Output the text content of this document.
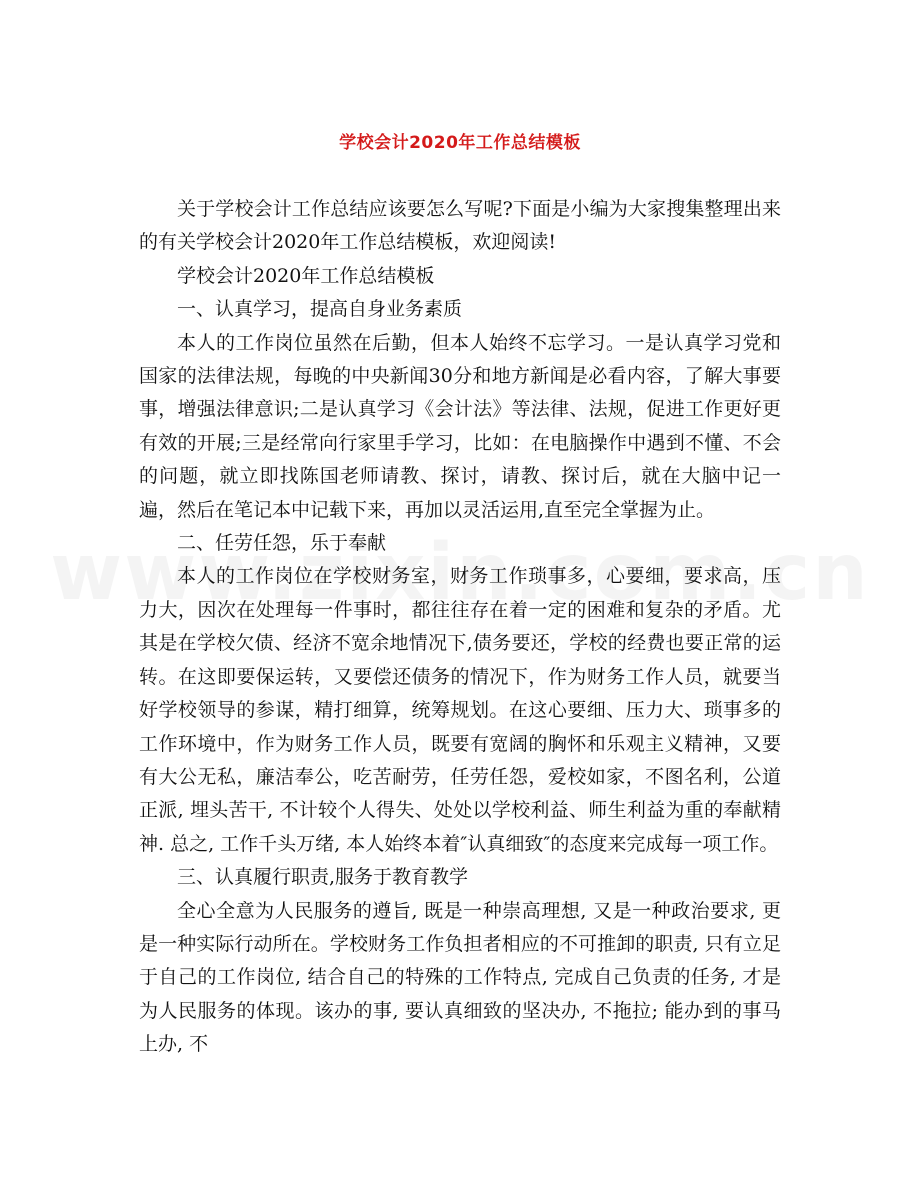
学校会计2020年工作总结模板

关于学校会计工作总结应该要怎么写呢?下面是小编为大家搜集整理出来的有关学校会计2020年工作总结模板，欢迎阅读!

学校会计2020年工作总结模板

一、认真学习，提高自身业务素质

本人的工作岗位虽然在后勤，但本人始终不忘学习。一是认真学习党和国家的法律法规，每晚的中央新闻30分和地方新闻是必看内容，了解大事要事，增强法律意识;二是认真学习《会计法》等法律、法规，促进工作更好更有效的开展;三是经常向行家里手学习，比如：在电脑操作中遇到不懂、不会的问题，就立即找陈国老师请教、探讨，请教、探讨后，就在大脑中记一遍，然后在笔记本中记载下来，再加以灵活运用,直至完全掌握为止。

二、任劳任怨，乐于奉献

本人的工作岗位在学校财务室，财务工作琐事多，心要细，要求高，压力大，因次在处理每一件事时，都往往存在着一定的困难和复杂的矛盾。尤其是在学校欠债、经济不宽余地情况下,债务要还，学校的经费也要正常的运转。在这即要保运转，又要偿还债务的情况下，作为财务工作人员，就要当好学校领导的参谋，精打细算，统筹规划。在这心要细、压力大、琐事多的工作环境中，作为财务工作人员，既要有宽阔的胸怀和乐观主义精神，又要有大公无私，廉洁奉公，吃苦耐劳，任劳任怨，爱校如家，不图名利，公道正派, 埋头苦干, 不计较个人得失、处处以学校利益、师生利益为重的奉献精神. 总之, 工作千头万绪, 本人始终本着″认真细致″的态度来完成每一项工作。

三、认真履行职责,服务于教育教学

全心全意为人民服务的遵旨, 既是一种崇高理想, 又是一种政治要求, 更是一种实际行动所在。学校财务工作负担者相应的不可推卸的职责, 只有立足于自己的工作岗位, 结合自己的特殊的工作特点, 完成自己负责的任务, 才是为人民服务的体现。该办的事, 要认真细致的坚决办, 不拖拉; 能办到的事马上办, 不
